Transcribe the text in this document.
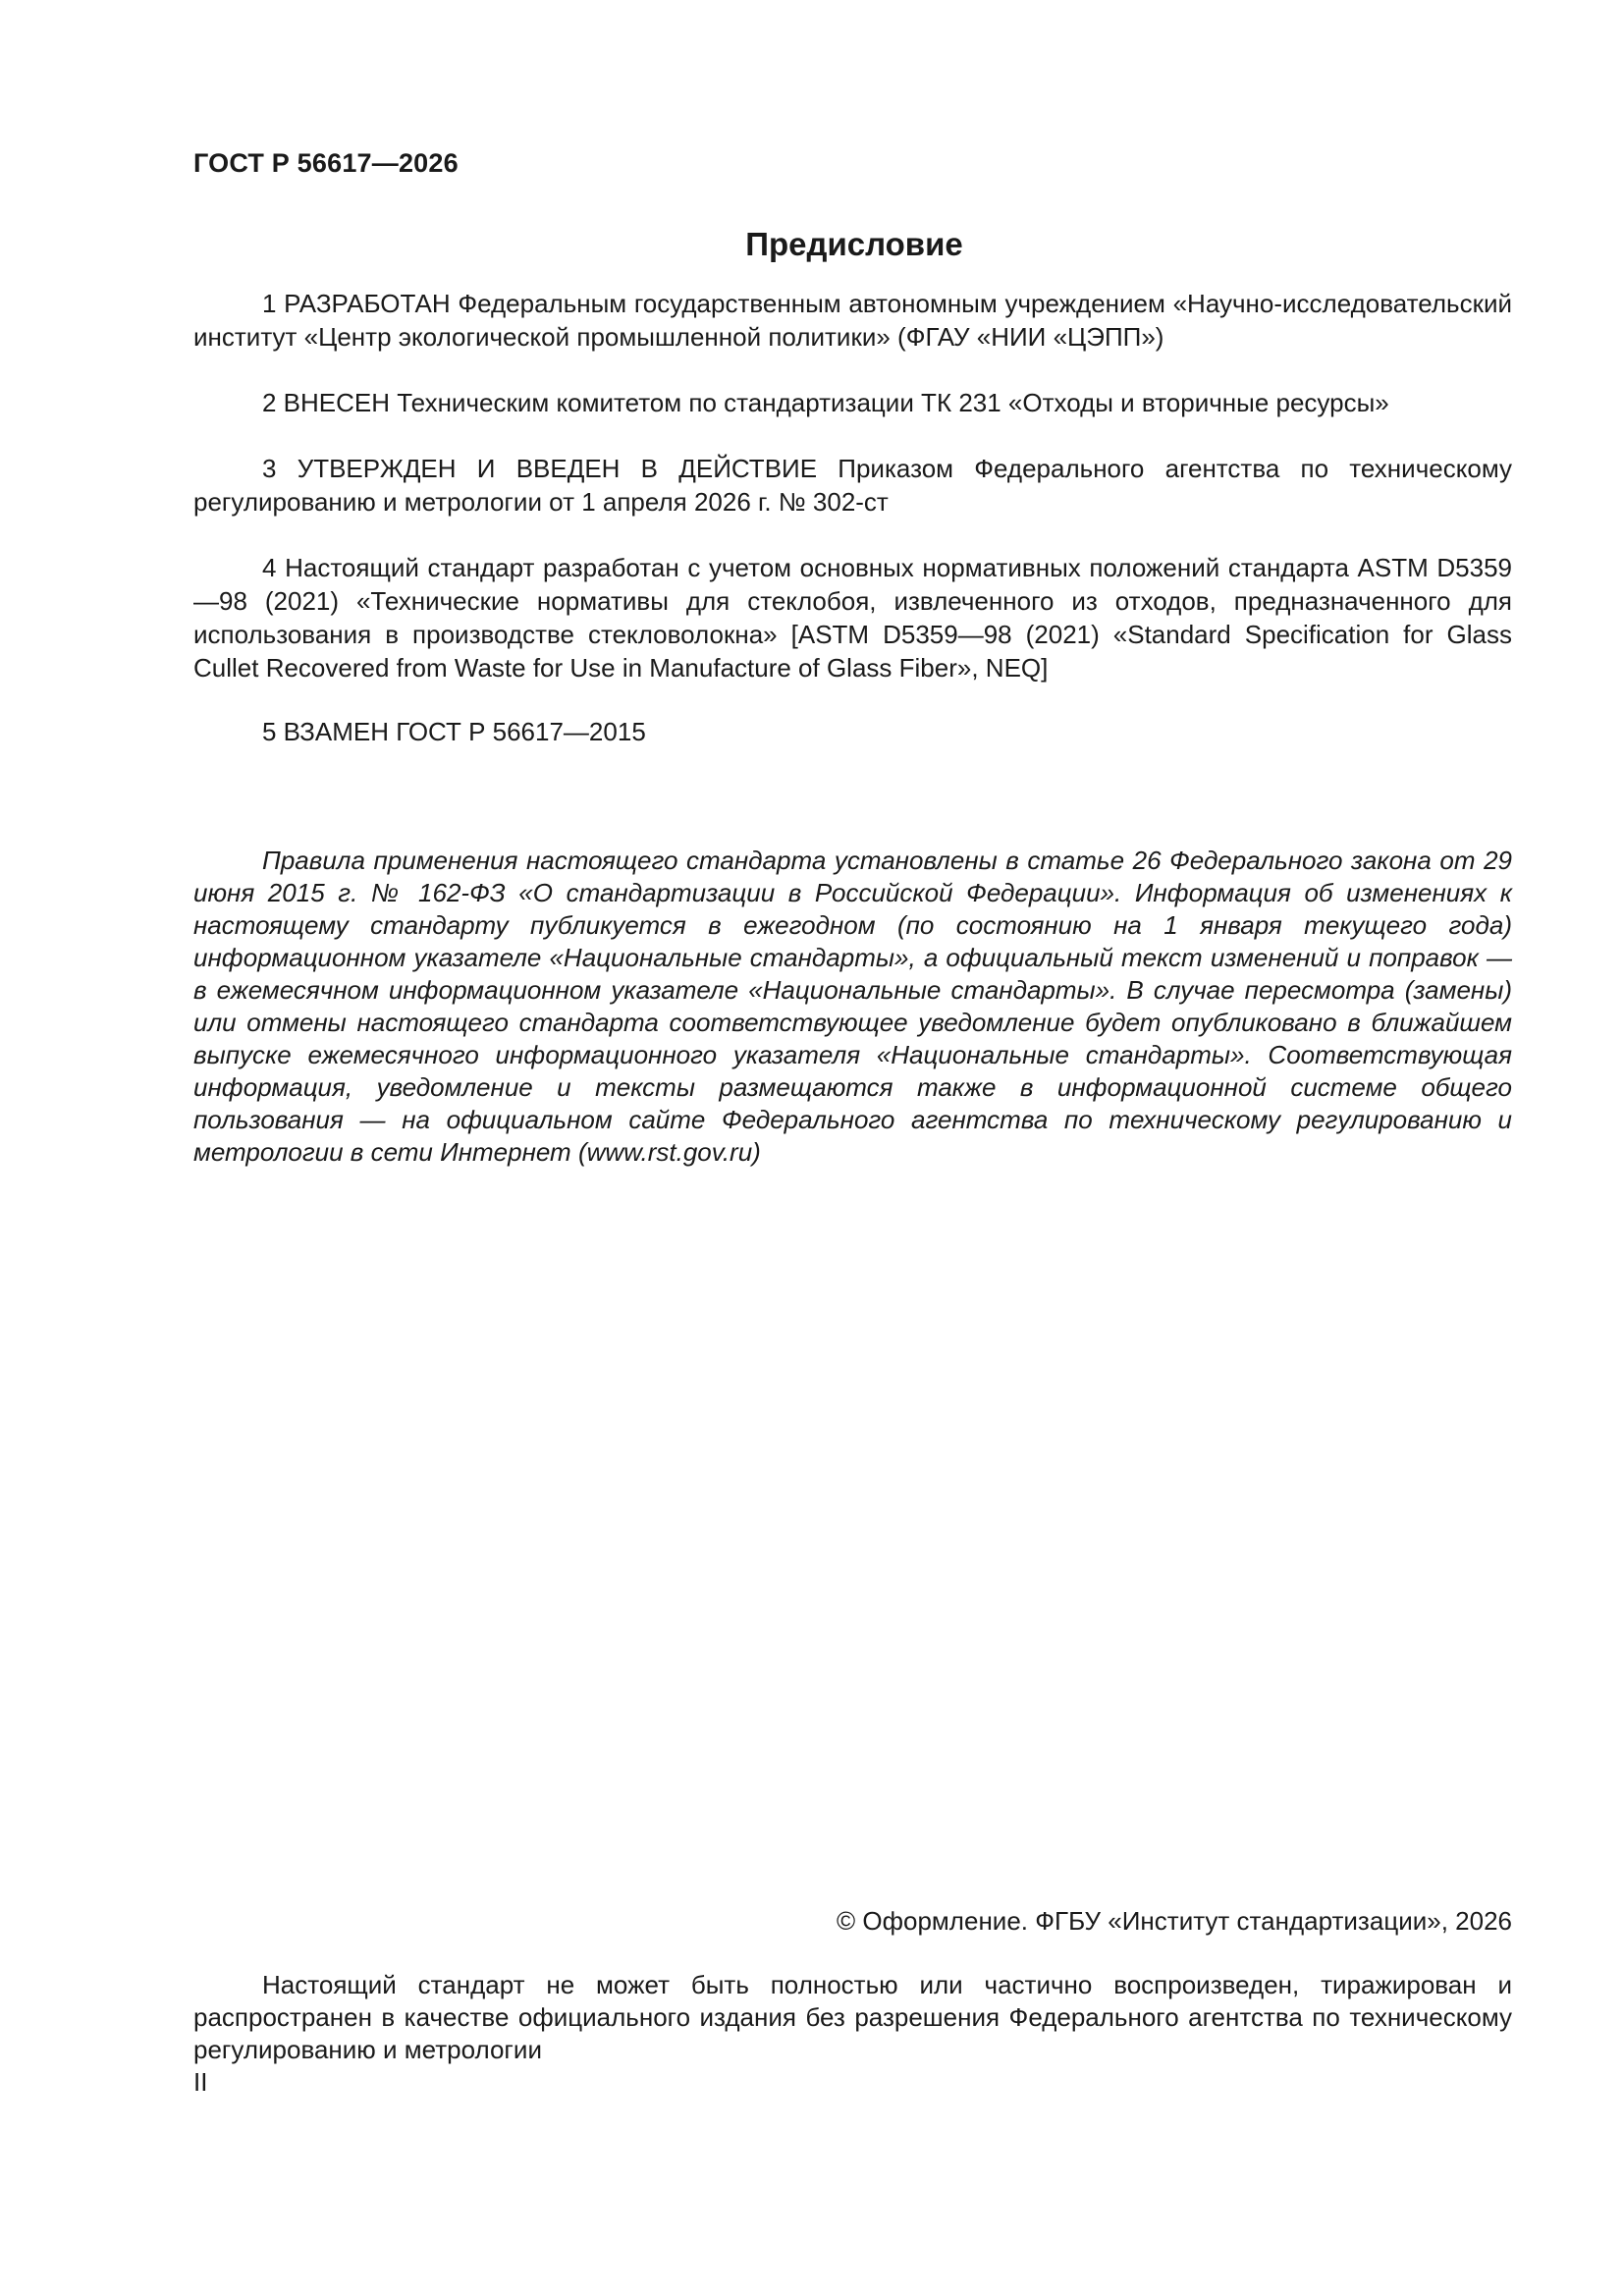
ГОСТ Р 56617—2026
Предисловие

1 РАЗРАБОТАН Федеральным государственным автономным учреждением «Научно-исследовательский институт «Центр экологической промышленной политики» (ФГАУ «НИИ «ЦЭПП»)

2 ВНЕСЕН Техническим комитетом по стандартизации ТК 231 «Отходы и вторичные ресурсы»

3 УТВЕРЖДЕН И ВВЕДЕН В ДЕЙСТВИЕ Приказом Федерального агентства по техническому регулированию и метрологии от 1 апреля 2026 г. № 302-ст

4 Настоящий стандарт разработан с учетом основных нормативных положений стандарта ASTM D5359—98 (2021) «Технические нормативы для стеклобоя, извлеченного из отходов, предназначенного для использования в производстве стекловолокна» [ASTM D5359—98 (2021) «Standard Specification for Glass Cullet Recovered from Waste for Use in Manufacture of Glass Fiber», NEQ]

5 ВЗАМЕН ГОСТ Р 56617—2015

Правила применения настоящего стандарта установлены в статье 26 Федерального закона от 29 июня 2015 г. № 162-ФЗ «О стандартизации в Российской Федерации». Информация об изменениях к настоящему стандарту публикуется в ежегодном (по состоянию на 1 января текущего года) информационном указателе «Национальные стандарты», а официальный текст изменений и поправок — в ежемесячном информационном указателе «Национальные стандарты». В случае пересмотра (замены) или отмены настоящего стандарта соответствующее уведомление будет опубликовано в ближайшем выпуске ежемесячного информационного указателя «Национальные стандарты». Соответствующая информация, уведомление и тексты размещаются также в информационной системе общего пользования — на официальном сайте Федерального агентства по техническому регулированию и метрологии в сети Интернет (www.rst.gov.ru)

© Оформление. ФГБУ «Институт стандартизации», 2026

Настоящий стандарт не может быть полностью или частично воспроизведен, тиражирован и распространен в качестве официального издания без разрешения Федерального агентства по техническому регулированию и метрологии

II
